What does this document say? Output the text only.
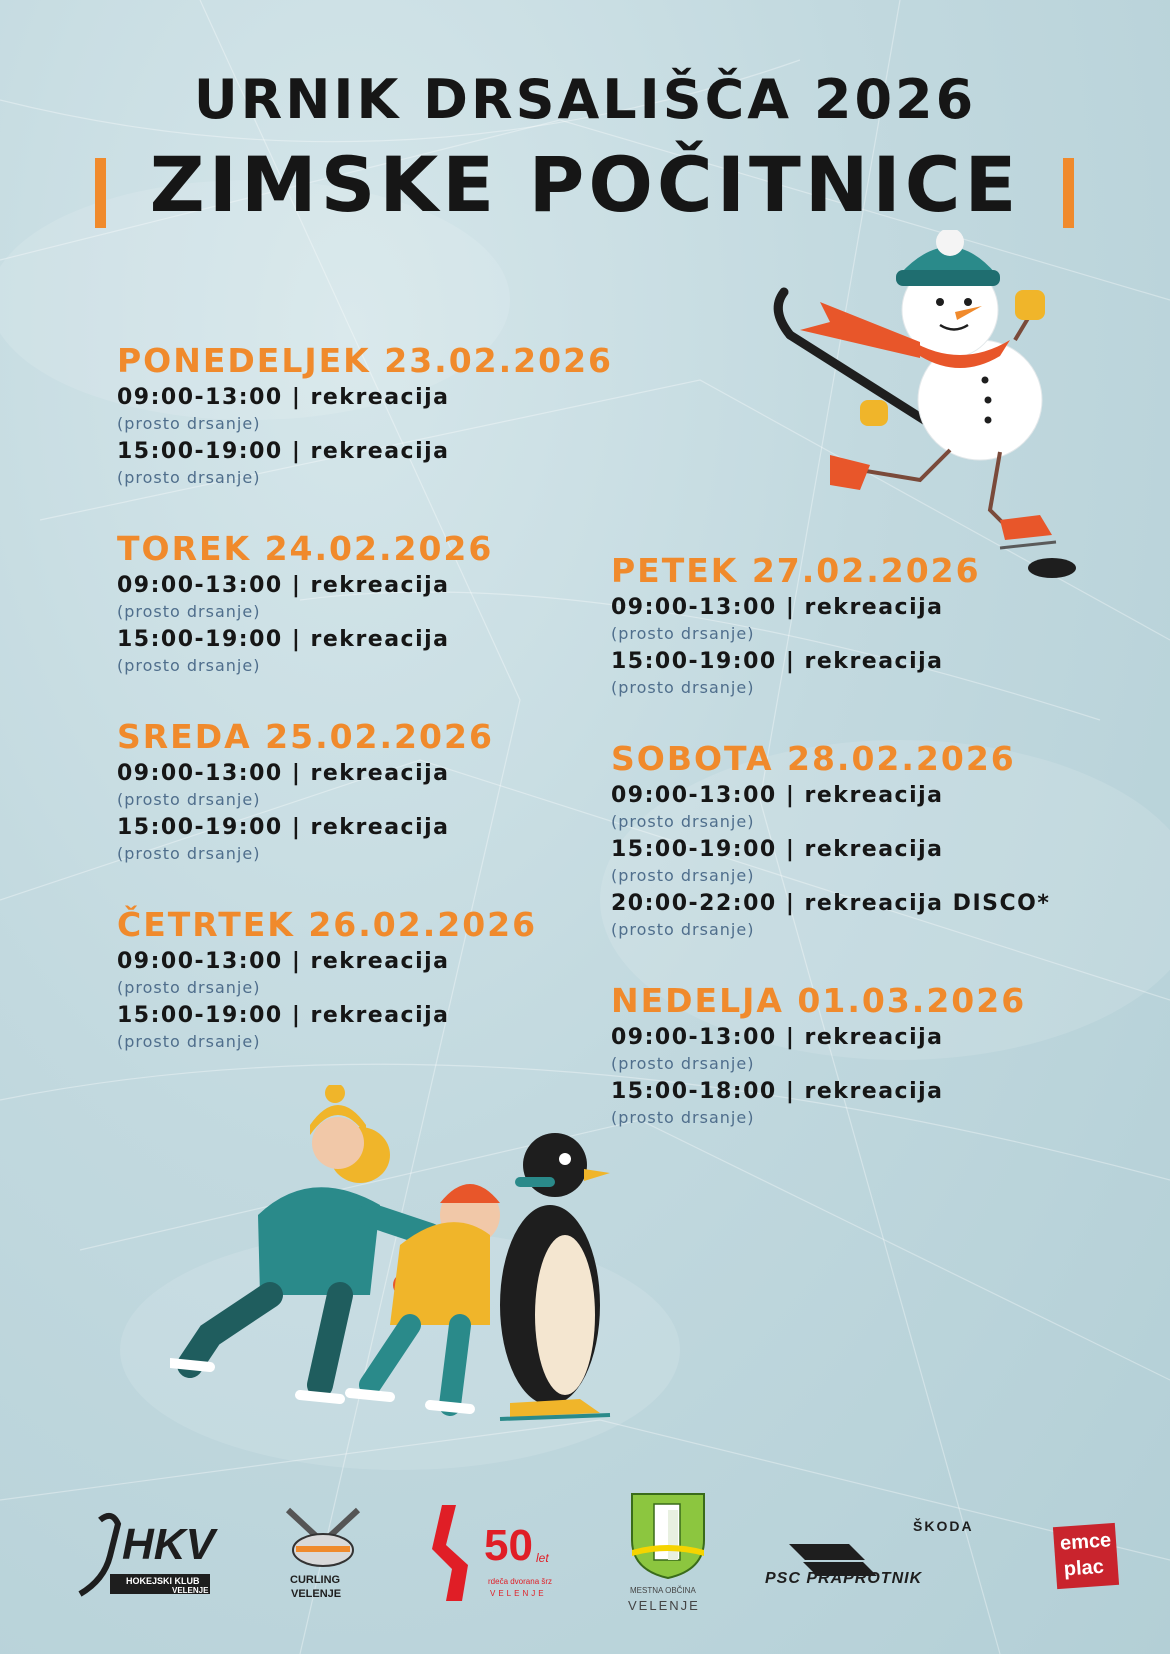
URNIK DRSALIŠČA 2026
ZIMSKE POČITNICE
PONEDELJEK 23.02.2026
09:00-13:00 | rekreacija
(prosto drsanje)
15:00-19:00 | rekreacija
(prosto drsanje)
TOREK 24.02.2026
09:00-13:00 | rekreacija
(prosto drsanje)
15:00-19:00 | rekreacija
(prosto drsanje)
SREDA 25.02.2026
09:00-13:00 | rekreacija
(prosto drsanje)
15:00-19:00 | rekreacija
(prosto drsanje)
ČETRTEK 26.02.2026
09:00-13:00 | rekreacija
(prosto drsanje)
15:00-19:00 | rekreacija
(prosto drsanje)
PETEK 27.02.2026
09:00-13:00 | rekreacija
(prosto drsanje)
15:00-19:00 | rekreacija
(prosto drsanje)
SOBOTA 28.02.2026
09:00-13:00 | rekreacija
(prosto drsanje)
15:00-19:00 | rekreacija
(prosto drsanje)
20:00-22:00 | rekreacija DISCO*
(prosto drsanje)
NEDELJA 01.03.2026
09:00-13:00 | rekreacija
(prosto drsanje)
15:00-18:00 | rekreacija
(prosto drsanje)
HKV
HOKEJSKI KLUB
VELENJE
CURLING
VELENJE
50 let
rdeča dvorana šrz
VELENJE	MESTNA OBČINA
VELENJE
ŠKODA
PSC PRAPROTNIK
emce
plac
